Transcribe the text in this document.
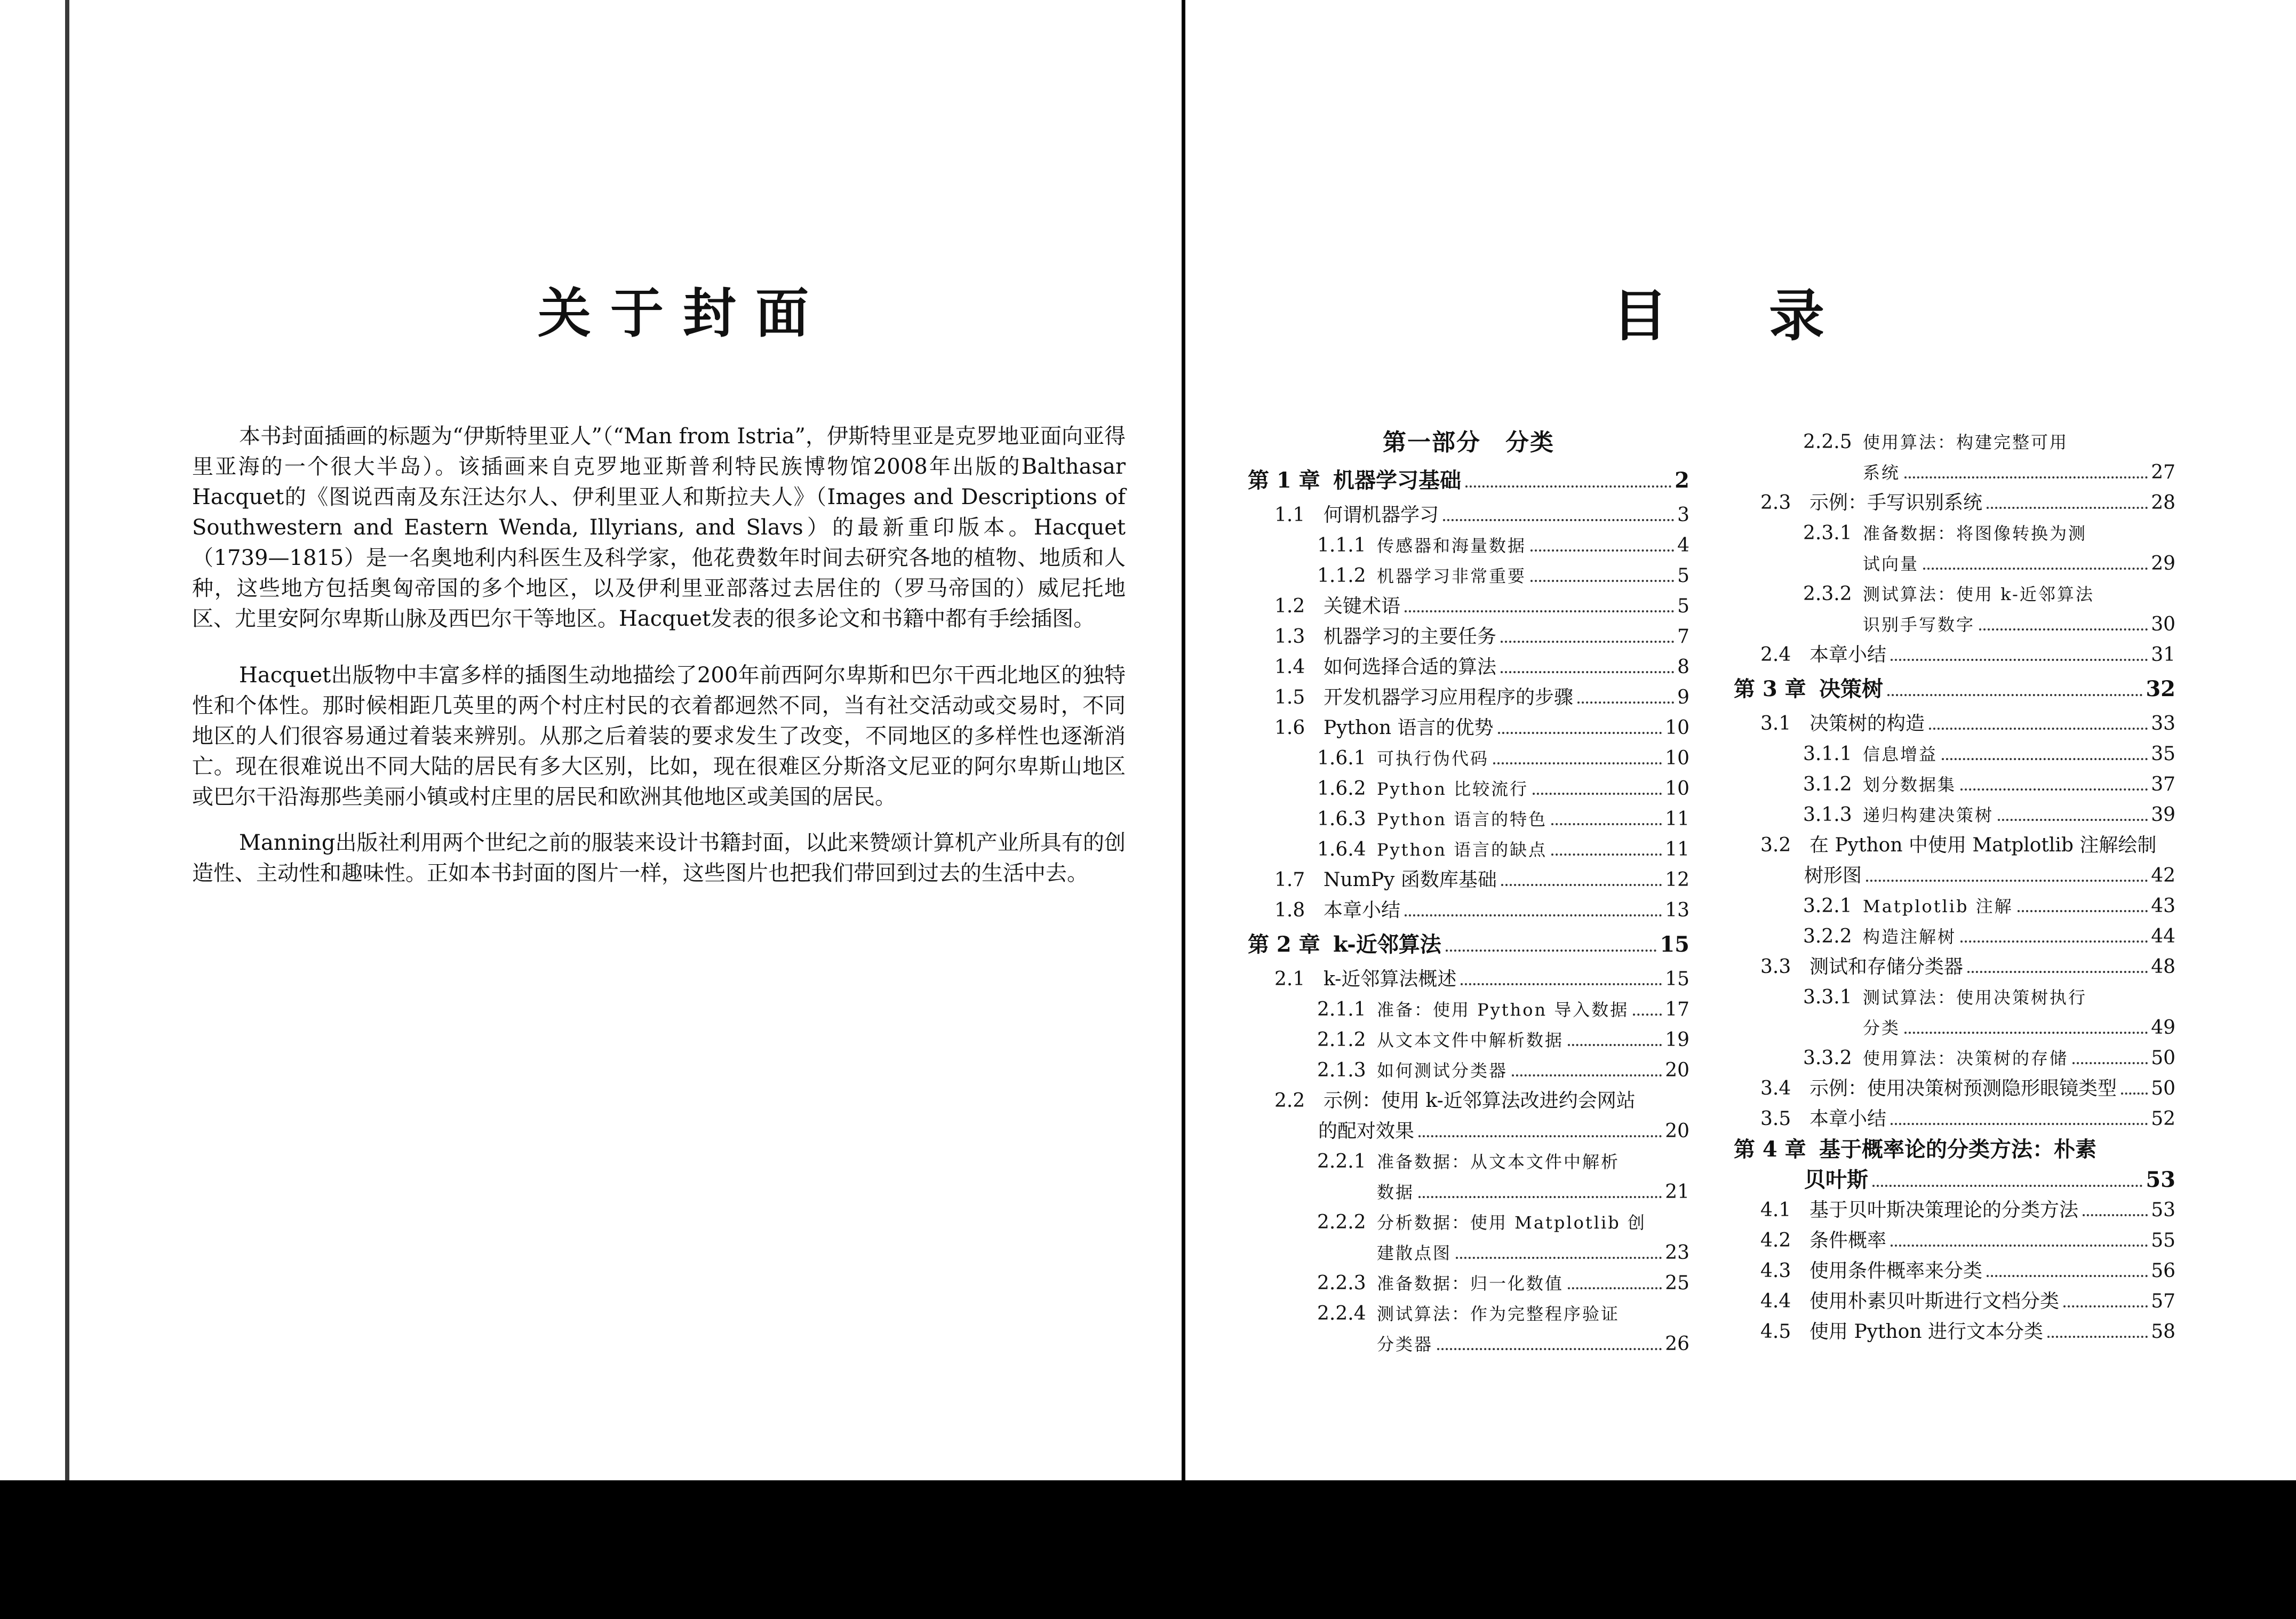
关于封面

本书封面插画的标题为“伊斯特里亚人”（“Man from Istria”，伊斯特里亚是克罗地亚面向亚得里亚海的一个很大半岛）。该插画来自克罗地亚斯普利特民族博物馆2008年出版的Balthasar Hacquet的《图说西南及东汪达尔人、伊利里亚人和斯拉夫人》（Images and Descriptions of Southwestern and Eastern Wenda, Illyrians, and Slavs）的最新重印版本。Hacquet（1739—1815）是一名奥地利内科医生及科学家，他花费数年时间去研究各地的植物、地质和人种，这些地方包括奥匈帝国的多个地区，以及伊利里亚部落过去居住的（罗马帝国的）威尼托地区、尤里安阿尔卑斯山脉及西巴尔干等地区。Hacquet发表的很多论文和书籍中都有手绘插图。

Hacquet出版物中丰富多样的插图生动地描绘了200年前西阿尔卑斯和巴尔干西北地区的独特性和个体性。那时候相距几英里的两个村庄村民的衣着都迥然不同，当有社交活动或交易时，不同地区的人们很容易通过着装来辨别。从那之后着装的要求发生了改变，不同地区的多样性也逐渐消亡。现在很难说出不同大陆的居民有多大区别，比如，现在很难区分斯洛文尼亚的阿尔卑斯山地区或巴尔干沿海那些美丽小镇或村庄里的居民和欧洲其他地区或美国的居民。

Manning出版社利用两个世纪之前的服装来设计书籍封面，以此来赞颂计算机产业所具有的创造性、主动性和趣味性。正如本书封面的图片一样，这些图片也把我们带回到过去的生活中去。

目 录
第一部分　分类
第 1 章 机器学习基础	2
1.1 何谓机器学习	3
1.1.1 传感器和海量数据	4
1.1.2 机器学习非常重要	5
1.2 关键术语	5
1.3 机器学习的主要任务	7
1.4 如何选择合适的算法	8
1.5 开发机器学习应用程序的步骤	9
1.6 Python 语言的优势	10
1.6.1 可执行伪代码	10
1.6.2 Python 比较流行	10
1.6.3 Python 语言的特色	11
1.6.4 Python 语言的缺点	11
1.7 NumPy 函数库基础	12
1.8 本章小结	13
第 2 章 k-近邻算法	15
2.1 k-近邻算法概述	15
2.1.1 准备：使用 Python 导入数据 17
2.1.2 从文本文件中解析数据	19
2.1.3 如何测试分类器	20
2.2 示例：使用 k-近邻算法改进约会网站
的配对效果	20
2.2.1 准备数据：从文本文件中解析
数据	21
2.2.2 分析数据：使用 Matplotlib 创
建散点图	23
2.2.3 准备数据：归一化数值	25
2.2.4 测试算法：作为完整程序验证
分类器	26
2.2.5 使用算法：构建完整可用
系统	27
2.3 示例：手写识别系统	28
2.3.1 准备数据：将图像转换为测
试向量	29
2.3.2 测试算法：使用 k-近邻算法
识别手写数字	30
2.4 本章小结	31
第 3 章 决策树	32
3.1 决策树的构造	33
3.1.1 信息增益	35
3.1.2 划分数据集	37
3.1.3 递归构建决策树	39
3.2 在 Python 中使用 Matplotlib 注解绘制
树形图	42
3.2.1 Matplotlib 注解	43
3.2.2 构造注解树	44
3.3 测试和存储分类器	48
3.3.1 测试算法：使用决策树执行
分类	49
3.3.2 使用算法：决策树的存储	50
3.4 示例：使用决策树预测隐形眼镜类型 50
3.5 本章小结	52
第 4 章 基于概率论的分类方法：朴素
贝叶斯	53
4.1 基于贝叶斯决策理论的分类方法	53
4.2 条件概率	55
4.3 使用条件概率来分类	56
4.4 使用朴素贝叶斯进行文档分类	57
4.5 使用 Python 进行文本分类	58
